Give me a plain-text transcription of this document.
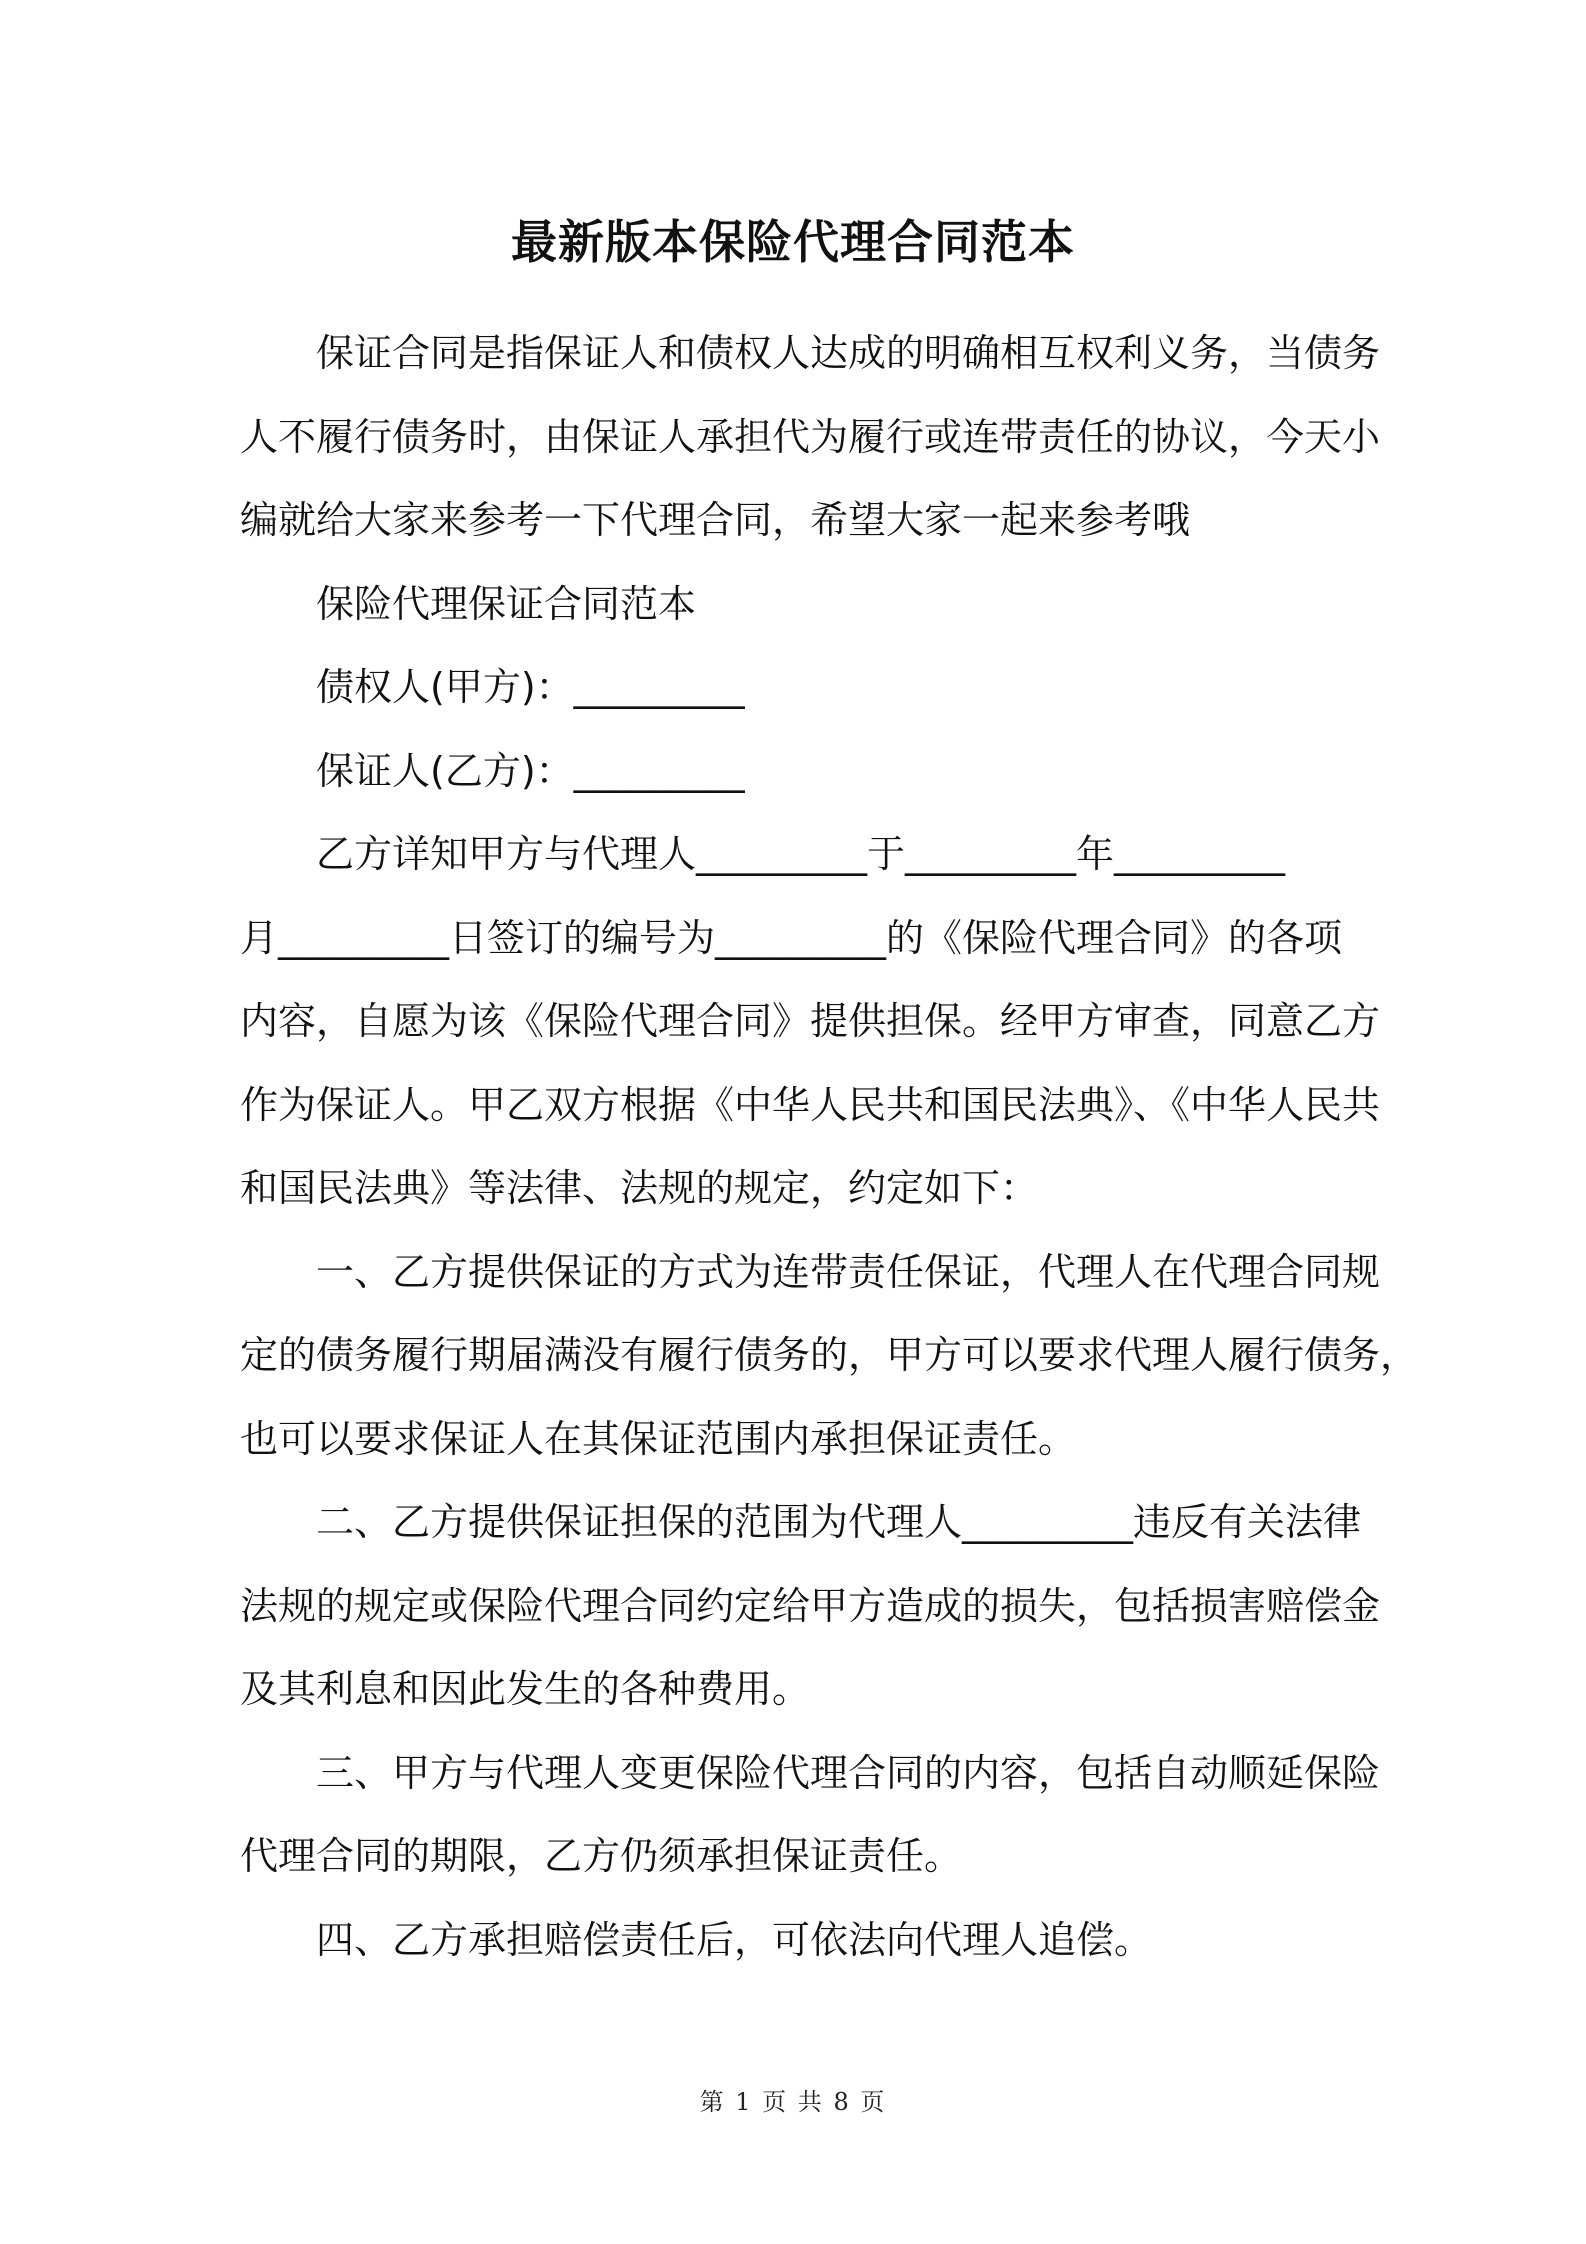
最新版本保险代理合同范本
保证合同是指保证人和债权人达成的明确相互权利义务，当债务
人不履行债务时，由保证人承担代为履行或连带责任的协议，今天小
编就给大家来参考一下代理合同，希望大家一起来参考哦
保险代理保证合同范本
债权人(甲方)：_________
保证人(乙方)：_________
乙方详知甲方与代理人_________于_________年_________
月_________日签订的编号为_________的《保险代理合同》的各项
内容，自愿为该《保险代理合同》提供担保。经甲方审查，同意乙方
作为保证人。甲乙双方根据《中华人民共和国民法典》、《中华人民共
和国民法典》等法律、法规的规定，约定如下：
一、乙方提供保证的方式为连带责任保证，代理人在代理合同规
定的债务履行期届满没有履行债务的，甲方可以要求代理人履行债务，
也可以要求保证人在其保证范围内承担保证责任。
二、乙方提供保证担保的范围为代理人_________违反有关法律
法规的规定或保险代理合同约定给甲方造成的损失，包括损害赔偿金
及其利息和因此发生的各种费用。
三、甲方与代理人变更保险代理合同的内容，包括自动顺延保险
代理合同的期限，乙方仍须承担保证责任。
四、乙方承担赔偿责任后，可依法向代理人追偿。
第 1 页 共 8 页
